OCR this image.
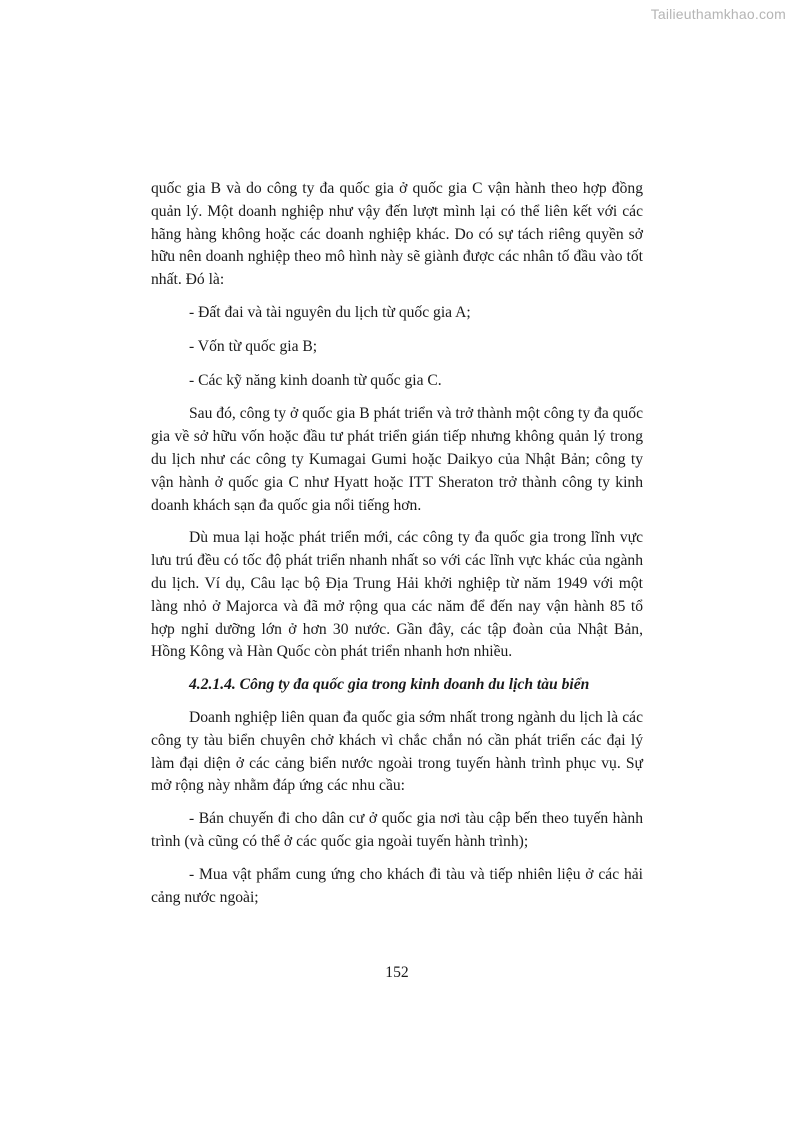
Tailieuthamkhao.com

quốc gia B và do công ty đa quốc gia ở quốc gia C vận hành theo hợp đồng quản lý. Một doanh nghiệp như vậy đến lượt mình lại có thể liên kết với các hãng hàng không hoặc các doanh nghiệp khác. Do có sự tách riêng quyền sở hữu nên doanh nghiệp theo mô hình này sẽ giành được các nhân tố đầu vào tốt nhất. Đó là:

- Đất đai và tài nguyên du lịch từ quốc gia A;

- Vốn từ quốc gia B;

- Các kỹ năng kinh doanh từ quốc gia C.

Sau đó, công ty ở quốc gia B phát triển và trở thành một công ty đa quốc gia về sở hữu vốn hoặc đầu tư phát triển gián tiếp nhưng không quản lý trong du lịch như các công ty Kumagai Gumi hoặc Daikyo của Nhật Bản; công ty vận hành ở quốc gia C như Hyatt hoặc ITT Sheraton trở thành công ty kinh doanh khách sạn đa quốc gia nổi tiếng hơn.

Dù mua lại hoặc phát triển mới, các công ty đa quốc gia trong lĩnh vực lưu trú đều có tốc độ phát triển nhanh nhất so với các lĩnh vực khác của ngành du lịch. Ví dụ, Câu lạc bộ Địa Trung Hải khởi nghiệp từ năm 1949 với một làng nhỏ ở Majorca và đã mở rộng qua các năm để đến nay vận hành 85 tổ hợp nghỉ dưỡng lớn ở hơn 30 nước. Gần đây, các tập đoàn của Nhật Bản, Hồng Kông và Hàn Quốc còn phát triển nhanh hơn nhiều.

4.2.1.4. Công ty đa quốc gia trong kinh doanh du lịch tàu biển

Doanh nghiệp liên quan đa quốc gia sớm nhất trong ngành du lịch là các công ty tàu biển chuyên chở khách vì chắc chắn nó cần phát triển các đại lý làm đại diện ở các cảng biển nước ngoài trong tuyến hành trình phục vụ. Sự mở rộng này nhằm đáp ứng các nhu cầu:

- Bán chuyến đi cho dân cư ở quốc gia nơi tàu cập bến theo tuyến hành trình (và cũng có thể ở các quốc gia ngoài tuyến hành trình);

- Mua vật phẩm cung ứng cho khách đi tàu và tiếp nhiên liệu ở các hải cảng nước ngoài;

152
